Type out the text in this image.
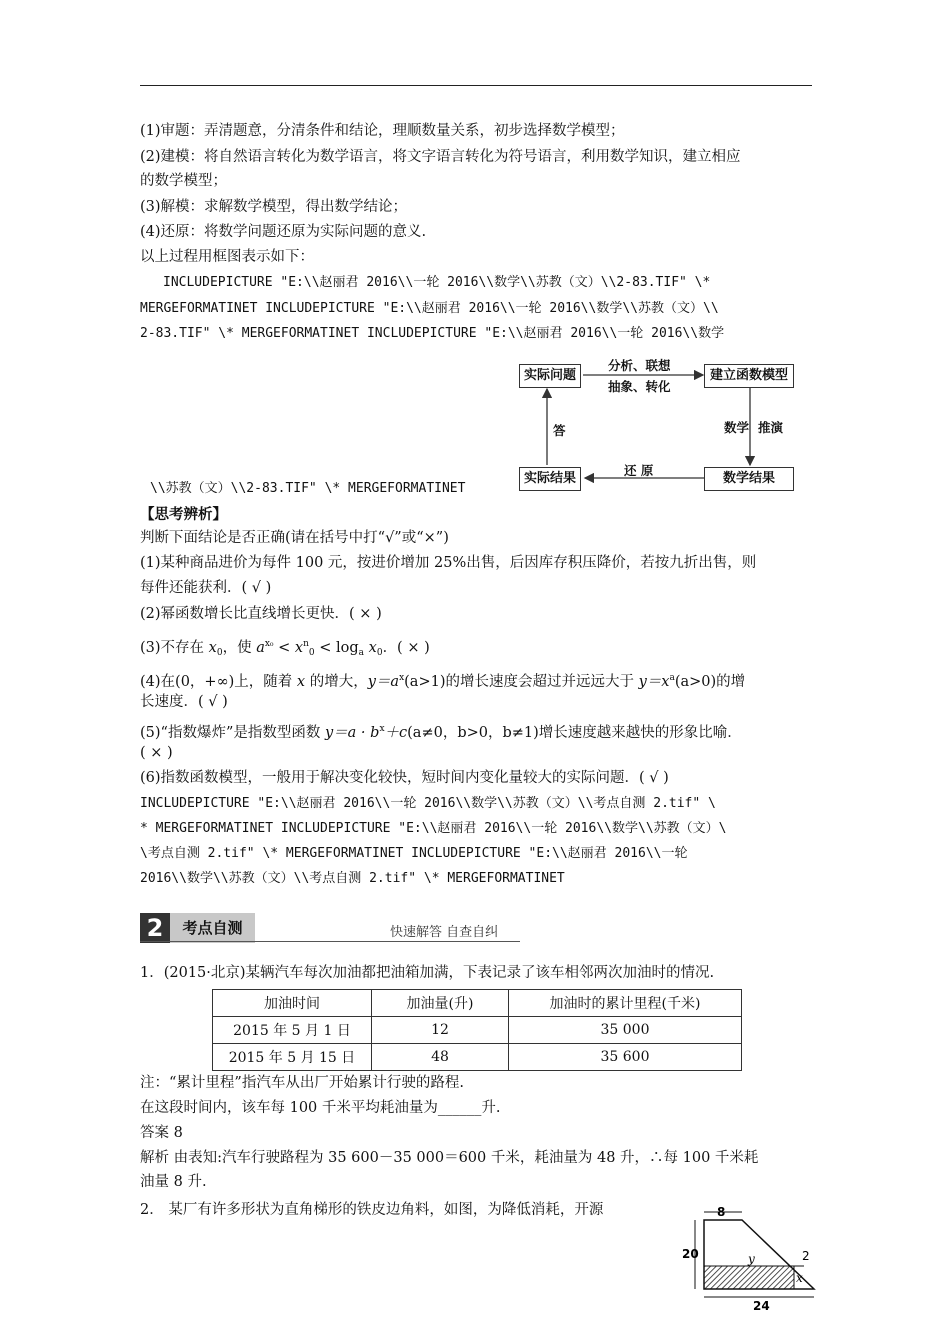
(1)审题：弄清题意，分清条件和结论，理顺数量关系，初步选择数学模型；
(2)建模：将自然语言转化为数学语言，将文字语言转化为符号语言，利用数学知识，建立相应
的数学模型；
(3)解模：求解数学模型，得出数学结论；
(4)还原：将数学问题还原为实际问题的意义.
以上过程用框图表示如下：
INCLUDEPICTURE "E:\\赵丽君 2016\\一轮 2016\\数学\\苏教（文）\\2-83.TIF" \*
MERGEFORMATINET INCLUDEPICTURE "E:\\赵丽君 2016\\一轮 2016\\数学\\苏教（文）\\
2-83.TIF" \* MERGEFORMATINET INCLUDEPICTURE "E:\\赵丽君 2016\\一轮 2016\\数学
\\苏教（文）\\2-83.TIF" \* MERGEFORMATINET
实际问题	建立函数模型
实际结果	数学结果
分析、联想
抽象、转化
数学 推演
还 原
答
【思考辨析】
判断下面结论是否正确(请在括号中打“√”或“×”)
(1)某种商品进价为每件 100 元，按进价增加 25%出售，后因库存积压降价，若按九折出售，则
每件还能获利．( √ )
(2)幂函数增长比直线增长更快．( × )
(3)不存在 $x_0$，使 $a^{x_0} < x^n_0 < \log_a x_0$．( × )
(4)在(0，+∞)上，随着 x 的增大，$y=a^x(a>1)$的增长速度会超过并远远大于 $y=x^a(a>0)$的增
长速度．( √ )
(5)“指数爆炸”是指数型函数 $y=a \cdot b^x+c(a\ne 0$，b>0，b≠1)增长速度越来越快的形象比喻．
( × )
(6)指数函数模型，一般用于解决变化较快，短时间内变化量较大的实际问题．( √ )
INCLUDEPICTURE "E:\\赵丽君 2016\\一轮 2016\\数学\\苏教（文）\\考点自测 2.tif" \
* MERGEFORMATINET INCLUDEPICTURE "E:\\赵丽君 2016\\一轮 2016\\数学\\苏教（文）\
\考点自测 2.tif" \* MERGEFORMATINET INCLUDEPICTURE "E:\\赵丽君 2016\\一轮
2016\\数学\\苏教（文）\\考点自测 2.tif" \* MERGEFORMATINET
2	考点自测	快速解答 自查自纠
1．(2015·北京)某辆汽车每次加油都把油箱加满，下表记录了该车相邻两次加油时的情况.
加油时间	加油量(升)	加油时的累计里程(千米)
2015 年 5 月 1 日	12	35 000
2015 年 5 月 15 日	48	35 600
注：“累计里程”指汽车从出厂开始累计行驶的路程.
在这段时间内，该车每 100 千米平均耗油量为______升.
答案 8
解析 由表知:汽车行驶路程为 35 600－35 000＝600 千米，耗油量为 48 升，∴每 100 千米耗
油量 8 升.
2． 某厂有许多形状为直角梯形的铁皮边角料，如图，为降低消耗，开源	8
20
24
y
x
2
